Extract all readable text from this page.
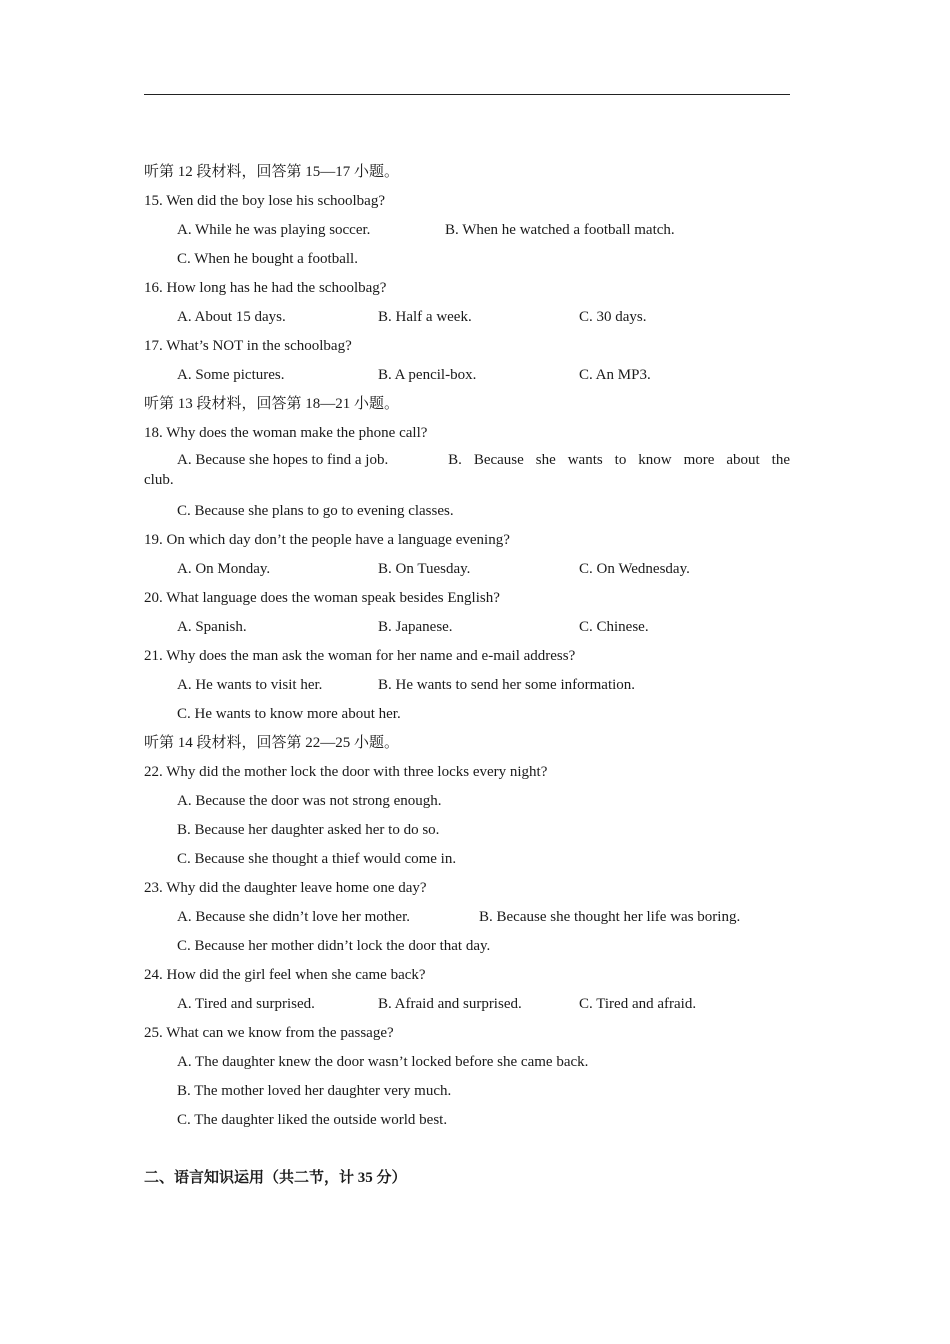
听第 12 段材料，回答第 15—17 小题。
15. Wen did the boy lose his schoolbag?
A. While he was playing soccer.	B. When he watched a football match.
C. When he bought a football.
16. How long has he had the schoolbag?
A. About 15 days.	B. Half a week.	C. 30 days.
17. What’s NOT in the schoolbag?
A. Some pictures.	B. A pencil-box.	C. An MP3.
听第 13 段材料，回答第 18—21 小题。
18. Why does the woman make the phone call?
A. Because she hopes to find a job.	B. Because she wants to know more about the
club.
C. Because she plans to go to evening classes.
19. On which day don’t the people have a language evening?
A. On Monday.	B. On Tuesday.	C. On Wednesday.
20. What language does the woman speak besides English?
A. Spanish.	B. Japanese.	C. Chinese.
21. Why does the man ask the woman for her name and e-mail address?
A. He wants to visit her.	B. He wants to send her some information.
C. He wants to know more about her.
听第 14 段材料，回答第 22—25 小题。
22. Why did the mother lock the door with three locks every night?
A. Because the door was not strong enough.
B. Because her daughter asked her to do so.
C. Because she thought a thief would come in.
23. Why did the daughter leave home one day?
A. Because she didn’t love her mother.	B. Because she thought her life was boring.
C. Because her mother didn’t lock the door that day.
24. How did the girl feel when she came back?
A. Tired and surprised.	B. Afraid and surprised.	C. Tired and afraid.
25. What can we know from the passage?
A. The daughter knew the door wasn’t locked before she came back.
B. The mother loved her daughter very much.
C. The daughter liked the outside world best.
二、语言知识运用（共二节，计 35 分）
